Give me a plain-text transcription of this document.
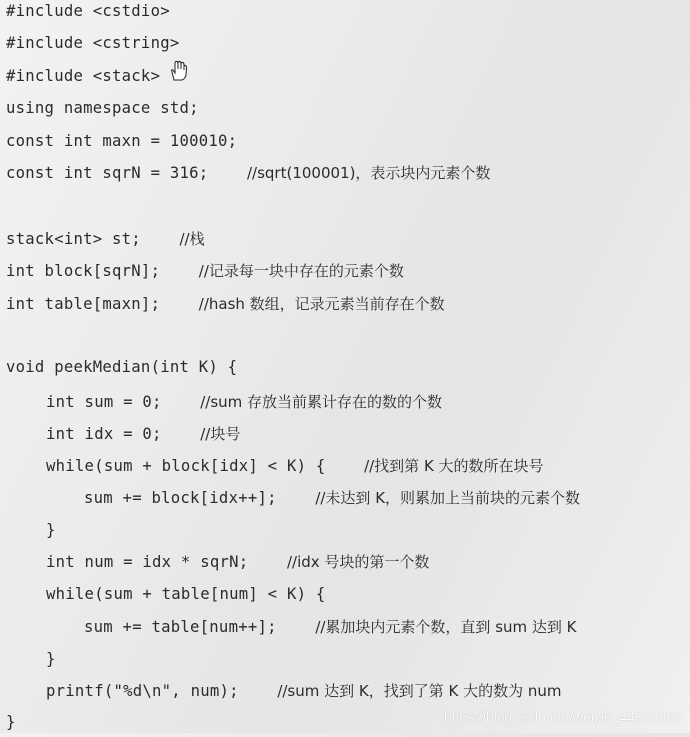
#include <cstdio>
#include <cstring>
#include <stack>
using namespace std;
const int maxn = 100010;
const int sqrN = 316;    //sqrt(100001)，表示块内元素个数
stack<int> st;    //栈
int block[sqrN];    //记录每一块中存在的元素个数
int table[maxn];    //hash 数组，记录元素当前存在个数
void peekMedian(int K) {
int sum = 0;    //sum 存放当前累计存在的数的个数
int idx = 0;    //块号
while(sum + block[idx] < K) {    //找到第 K 大的数所在块号
sum += block[idx++];    //未达到 K，则累加上当前块的元素个数
}
int num = idx * sqrN;    //idx 号块的第一个数
while(sum + table[num] < K) {
sum += table[num++];    //累加块内元素个数，直到 sum 达到 K
}
printf("%d\n", num);    //sum 达到 K，找到了第 K 大的数为 num
}	https://blog.csdn.net/weixin_44073967
